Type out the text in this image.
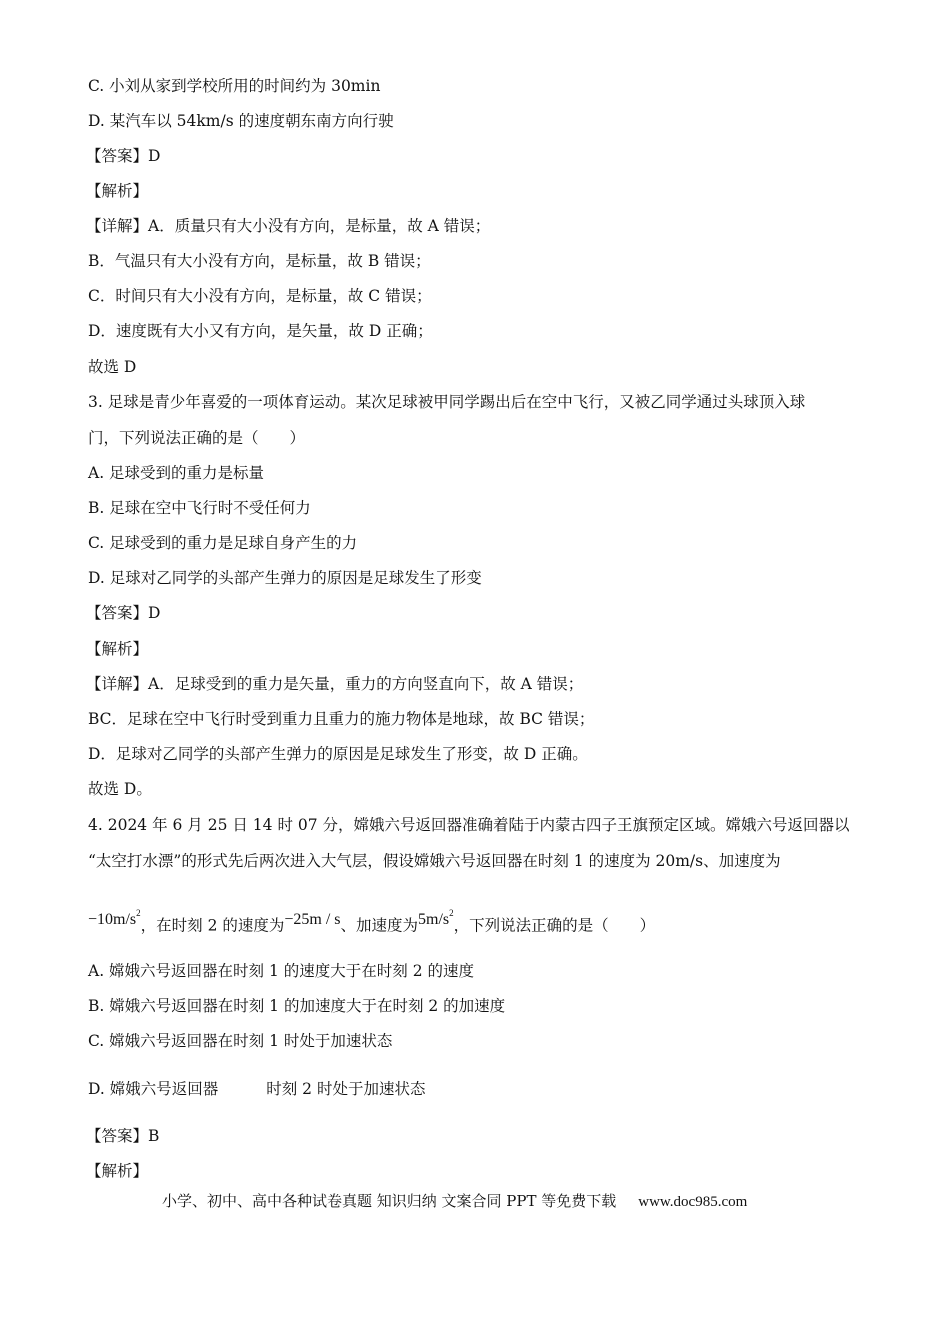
C. 小刘从家到学校所用的时间约为 30min
D. 某汽车以 54km/s 的速度朝东南方向行驶
【答案】D
【解析】
【详解】A．质量只有大小没有方向，是标量，故 A 错误；
B．气温只有大小没有方向，是标量，故 B 错误；
C．时间只有大小没有方向，是标量，故 C 错误；
D．速度既有大小又有方向，是矢量，故 D 正确；
故选 D
3. 足球是青少年喜爱的一项体育运动。某次足球被甲同学踢出后在空中飞行，又被乙同学通过头球顶入球
门，下列说法正确的是（　　）
A. 足球受到的重力是标量
B. 足球在空中飞行时不受任何力
C. 足球受到的重力是足球自身产生的力
D. 足球对乙同学的头部产生弹力的原因是足球发生了形变
【答案】D
【解析】
【详解】A．足球受到的重力是矢量，重力的方向竖直向下，故 A 错误；
BC．足球在空中飞行时受到重力且重力的施力物体是地球，故 BC 错误；
D．足球对乙同学的头部产生弹力的原因是足球发生了形变，故 D 正确。
故选 D。
4. 2024 年 6 月 25 日 14 时 07 分，嫦娥六号返回器准确着陆于内蒙古四子王旗预定区域。嫦娥六号返回器以
“太空打水漂”的形式先后两次进入大气层，假设嫦娥六号返回器在时刻 1 的速度为 20m/s、加速度为
$-10m/s^2$，在时刻 2 的速度为−25m / s、加速度为$5m/s^2$，下列说法正确的是（　　）
A. 嫦娥六号返回器在时刻 1 的速度大于在时刻 2 的速度
B. 嫦娥六号返回器在时刻 1 的加速度大于在时刻 2 的加速度
C. 嫦娥六号返回器在时刻 1 时处于加速状态
D. 嫦娥六号返回器	时刻 2 时处于加速状态
【答案】B
【解析】
小学、初中、高中各种试卷真题 知识归纳 文案合同 PPT 等免费下载 www.doc985.com
